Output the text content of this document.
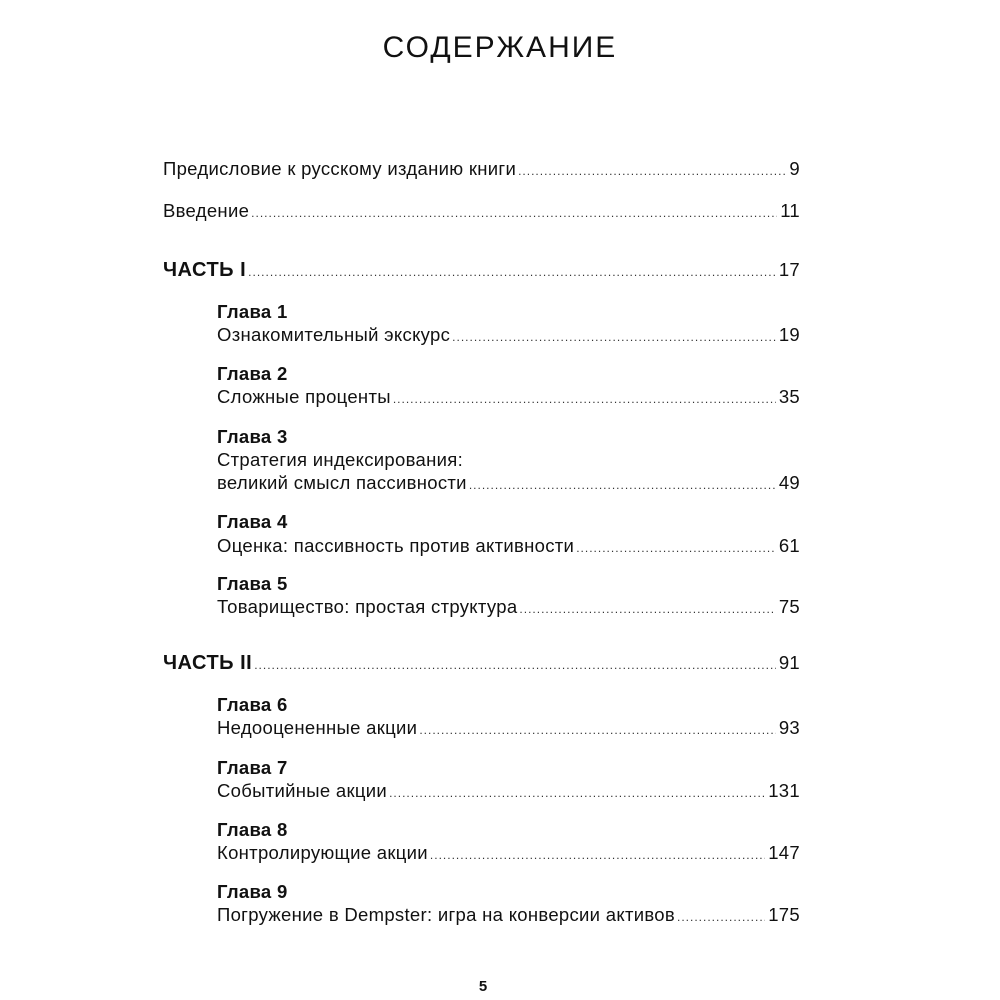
СОДЕРЖАНИЕ
Предисловие к русскому изданию книги .....	9
Введение .....	11
ЧАСТЬ I .....	17
Глава 1
Ознакомительный экскурс .....	19
Глава 2
Сложные проценты .....	35
Глава 3
Стратегия индексирования:
великий смысл пассивности .....	49
Глава 4
Оценка: пассивность против активности .....	61
Глава 5
Товарищество: простая структура .....	75
ЧАСТЬ II .....	91
Глава 6
Недооцененные акции .....	93
Глава 7
Событийные акции .....	131
Глава 8
Контролирующие акции .....	147
Глава 9
Погружение в Dempster: игра на конверсии активов .....	175
5
